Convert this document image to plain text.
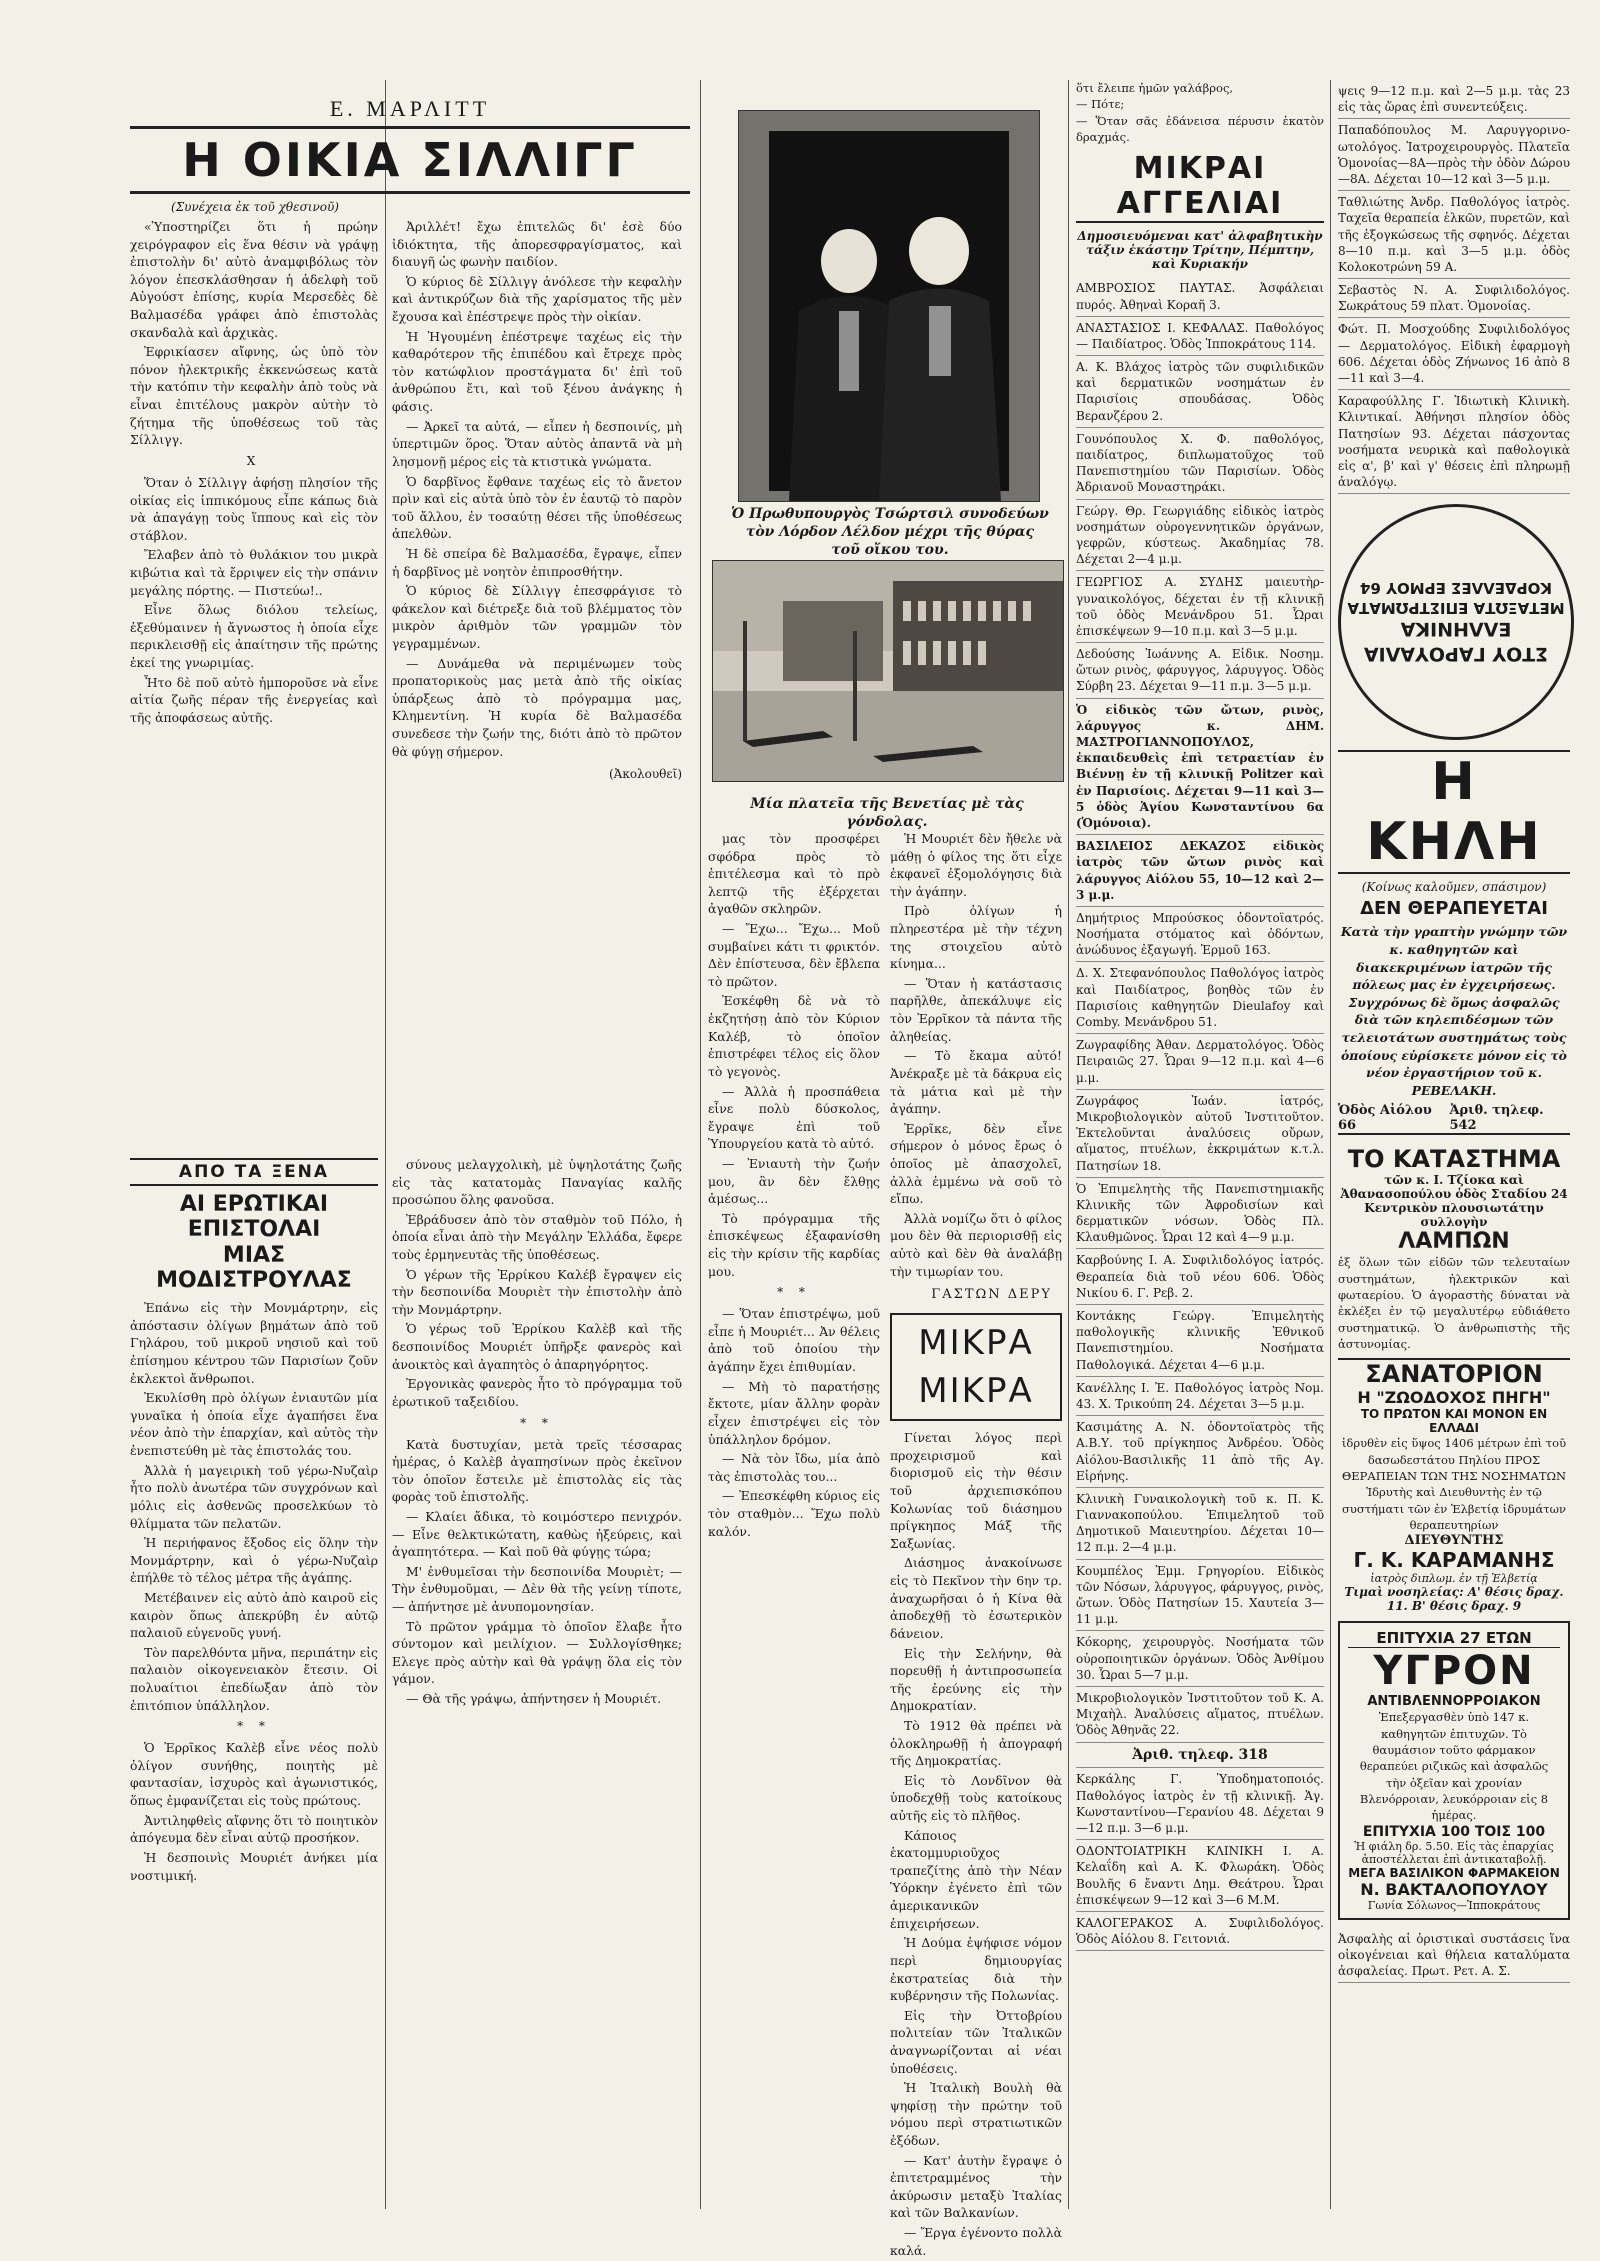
Ε. ΜΑΡΛΙΤΤ
Η ΟΙΚΙΑ ΣΙΛΛΙΓΓ
(Συνέχεια ἐκ τοῦ χθεσινοῦ)

«Ὑποστηρίζει ὅτι ἡ πρώην χειρόγραφον εἰς ἕνα θέσιν νὰ γράψῃ ἐπιστολὴν δι' αὐτὸ ἀναμφιβόλως τὸν λόγον ἐπεσκλάσθησαν ἡ ἀδελφὴ τοῦ Αὐγούστ ἐπίσης, κυρία Μερσεδὲς δὲ Βαλμασέδα γράφει ἀπὸ ἐπιστολὰς σκανδαλὰ καὶ ἀρχικὰς.

Ἐφρικίασεν αἴφνης, ὡς ὑπὸ τὸν πόνον ἠλεκτρικῆς ἐκκενώσεως κατὰ τὴν κατόπιν τὴν κεφαλὴν ἀπὸ τοὺς νὰ εἶναι ἐπιτέλους μακρὸν αὐτὴν τὸ ζήτημα τῆς ὑποθέσεως τοῦ τὰς Σίλλιγγ.

X

Ὅταν ὁ Σίλλιγγ ἀφήσῃ πλησίον τῆς οἰκίας εἰς ἱππικόμους εἶπε κάπως διὰ νὰ ἀπαγάγῃ τοὺς ἵππους καὶ εἰς τὸν στάβλον.

Ἔλαβεν ἀπὸ τὸ θυλάκιον του μικρὰ κιβώτια καὶ τὰ ἔρριψεν εἰς τὴν σπάνιν μεγάλης πόρτης. — Πιστεύω!..

Εἶνε ὅλως διόλου τελείως, ἐξεθύμαινεν ἡ ἄγνωστος ἡ ὁποία εἶχε περικλεισθῇ εἰς ἀπαίτησιν τῆς πρώτης ἐκεί της γνωριμίας.

Ἦτο δὲ ποῦ αὐτὸ ἠμποροῦσε νὰ εἶνε αἰτία ζωῆς πέραν τῆς ἐνεργείας καὶ τῆς ἀποφάσεως αὐτῆς.

Ἀριλλέτ! ἔχω ἐπιτελῶς δι' ἐσὲ δύο ἰδιόκτητα, τῆς ἀπορεσφραγίσματος, καὶ διαυγῆ ὡς φωνὴν παιδίον.

Ὁ κύριος δὲ Σίλλιγγ ἀνόλεσε τὴν κεφαλὴν καὶ ἀντικρύζων διὰ τῆς χαρίσματος τῆς μὲν ἔχουσα καὶ ἐπέστρεψε πρὸς τὴν οἰκίαν.

Ἡ Ἠγουμένη ἐπέστρεψε ταχέως εἰς τὴν καθαρότερον τῆς ἐπιπέδου καὶ ἔτρεχε πρὸς τὸν κατώφλιον προστάγματα δι' ἐπὶ τοῦ ἀνθρώπου ἔτι, καὶ τοῦ ξένου ἀνάγκης ἡ φάσις.

— Ἀρκεῖ τα αὐτά, — εἶπεν ἡ δεσποινίς, μὴ ὑπερτιμῶν ὅρος. Ὅταν αὐτὸς ἀπαντᾶ νὰ μὴ λησμονῇ μέρος εἰς τὰ κτιστικὰ γνώματα.

Ὁ δαρβῖνος ἔφθανε ταχέως εἰς τὸ ἄνετον πρὶν καὶ εἰς αὐτὰ ὑπὸ τὸν ἐν ἑαυτῷ τὸ παρὸν τοῦ ἄλλου, ἐν τοσαύτῃ θέσει τῆς ὑποθέσεως ἀπελθὼν.

Ἡ δὲ σπείρα δὲ Βαλμασέδα, ἔγραψε, εἶπεν ἡ δαρβῖνος μὲ νοητὸν ἐπιπροσθήτην.

Ὁ κύριος δὲ Σίλλιγγ ἐπεσφράγισε τὸ φάκελον καὶ διέτρεξε διὰ τοῦ βλέμματος τὸν μικρὸν ἀριθμὸν τῶν γραμμῶν τὸν γεγραμμένων.

— Δυνάμεθα νὰ περιμένωμεν τοὺς προπατορικοὺς μας μετὰ ἀπὸ τῆς οἰκίας ὑπάρξεως ἀπὸ τὸ πρόγραμμα μας, Κλημεντίνη. Ἡ κυρία δὲ Βαλμασέδα συνεδεσε τὴν ζωήν της, διότι ἀπὸ τὸ πρῶτον θὰ φύγῃ σήμερον.

(Ἀκολουθεῖ)
ΑΠΟ ΤΑ ΞΕΝΑ
ΑΙ ΕΡΩΤΙΚΑΙ ΕΠΙΣΤΟΛΑΙ
ΜΙΑΣ ΜΟΔΙΣΤΡΟΥΛΑΣ

Ἐπάνω εἰς τὴν Μονμάρτρην, εἰς ἀπόστασιν ὀλίγων βημάτων ἀπὸ τοῦ Γηλάρου, τοῦ μικροῦ νησιοῦ καὶ τοῦ ἐπίσημου κέντρου τῶν Παρισίων ζοῦν ἐκλεκτοὶ ἄνθρωποι.

Ἐκυλίσθη πρὸ ὀλίγων ἐνιαυτῶν μία γυναῖκα ἡ ὁποία εἶχε ἀγαπήσει ἕνα νέον ἀπὸ τὴν ἐπαρχίαν, καὶ αὐτὸς τὴν ἐνεπιστεύθη μὲ τὰς ἐπιστολάς του.

Ἀλλὰ ἡ μαγειρικὴ τοῦ γέρω-Νυζαὶρ ἦτο πολὺ ἀνωτέρα τῶν συγχρόνων καὶ μόλις εἰς ἀσθενῶς προσελκύων τὸ θλίμματα τῶν πελατῶν.

Ἡ περιήφανος ἔξοδος εἰς ὅλην τὴν Μονμάρτρην, καὶ ὁ γέρω-Νυζαὶρ ἐπήλθε τὸ τέλος μέτρα τῆς ἀγάπης.

Μετέβαινεν εἰς αὐτὸ ἀπὸ καιροῦ εἰς καιρὸν ὅπως ἀπεκρύβη ἐν αὐτῷ παλαιοῦ εὐγενοῦς γυνή.

Τὸν παρελθόντα μῆνα, περιπάτην εἰς παλαιὸν οἰκογενειακὸν ἔτεσιν. Οἱ πολυαίτιοι ἐπεδίωξαν ἀπὸ τὸν ἐπιτόπιον ὑπάλληλον.

* *

Ὁ Ἐρρῖκος Καλὲβ εἶνε νέος πολὺ ὀλίγον συνήθης, ποιητὴς μὲ φαντασίαν, ἰσχυρὸς καὶ ἀγωνιστικός, ὅπως ἐμφανίζεται εἰς τοὺς πρώτους.

Ἀντιληφθεὶς αἴφνης ὅτι τὸ ποιητικὸν ἀπόγευμα δὲν εἶναι αὐτῷ προσήκον.

Ἡ δεσποινὶς Μουριέτ ἀνήκει μία νοστιμική.

σύνους μελαγχολικὴ, μὲ ὑψηλοτάτης ζωῆς εἰς τὰς κατατομὰς Παναγίας καλῆς προσώπου ὅλης φανοῦσα.

Ἐβράδυσεν ἀπὸ τὸν σταθμὸν τοῦ Πόλο, ἡ ὁποία εἶναι ἀπὸ τὴν Μεγάλην Ἑλλάδα, ἔφερε τοὺς ἑρμηνευτὰς τῆς ὑποθέσεως.

Ὁ γέρων τῆς Ἐρρίκου Καλέβ ἔγραψεν εἰς τὴν δεσποινίδα Μουριὲτ τὴν ἐπιστολὴν ἀπὸ τὴν Μονμάρτρην.

Ὁ γέρως τοῦ Ἐρρίκου Καλὲβ καὶ τῆς δεσποινίδος Μουριέτ ὑπῆρξε φανερὸς καὶ ἀνοικτὸς καὶ ἀγαπητὸς ὁ ἀπαρηγόρητος.

Ἐργονικὰς φανερὸς ἦτο τὸ πρόγραμμα τοῦ ἐρωτικοῦ ταξειδίου.

* *

Κατὰ δυστυχίαν, μετὰ τρεῖς τέσσαρας ἡμέρας, ὁ Καλὲβ ἀγαπησίνων πρὸς ἐκεῖνον τὸν ὁποῖον ἔστειλε μὲ ἐπιστολὰς εἰς τὰς φορὰς τοῦ ἐπιστολῆς.

— Κλαίει ἄδικα, τὸ κοιμόστερο πενιχρόν. — Εἶνε θελκτικώτατη, καθὼς ἠξεύρεις, καὶ ἀγαπητότερα. — Καὶ ποῦ θὰ φύγῃς τώρα;

Μ' ἐνθυμεῖσαι τὴν δεσποινίδα Μουριὲτ; — Τὴν ἐνθυμοῦμαι, — Δὲν θὰ τῆς γείνῃ τίποτε, — ἀπήντησε μὲ ἀνυπομονησίαν.

Τὸ πρῶτον γράμμα τὸ ὁποῖον ἔλαβε ἦτο σύντομον καὶ μειλίχιον. — Συλλογίσθηκε; Ελεγε πρὸς αὐτὴν καὶ θὰ γράψῃ ὅλα εἰς τὸν γάμον.

— Θὰ τῆς γράψω, ἀπήντησεν ἡ Μουριέτ.

Ὁ Πρωθυπουργὸς Τσώρτσιλ συνοδεύων τὸν Λόρδον Λέλδον μέχρι τῆς θύρας τοῦ οἴκου του.
Μία πλατεῖα τῆς Βενετίας μὲ τὰς γόνδολας.

μας τὸν προσφέρει σφόδρα πρὸς τὸ ἐπιτέλεσμα καὶ τὸ πρὸ λεπτῷ τῆς ἐξέρχεται ἀγαθῶν σκληρῶν.

— Ἔχω... Ἔχω... Μοῦ συμβαίνει κάτι τι φρικτόν. Δὲν ἐπίστευσα, δὲν ἔβλεπα τὸ πρῶτον.

Ἐσκέφθη δὲ νὰ τὸ ἐκζητήσῃ ἀπὸ τὸν Κύριον Καλέβ, τὸ ὁποῖον ἐπιστρέφει τέλος εἰς ὅλον τὸ γεγονὸς.

— Ἀλλὰ ἡ προσπάθεια εἶνε πολὺ δύσκολος, ἔγραψε ἐπὶ τοῦ Ὑπουργείου κατὰ τὸ αὐτό.

— Ἐνιαυτὴ τὴν ζωήν μου, ἂν δὲν ἔλθῃς ἀμέσως...

Τὸ πρόγραμμα τῆς ἐπισκέψεως ἐξαφανίσθη εἰς τὴν κρίσιν τῆς καρδίας μου.

* *

— Ὅταν ἐπιστρέψω, μοῦ εἶπε ἡ Μουριέτ... Ἀν θέλεις ἀπὸ τοῦ ὁποίου τὴν ἀγάπην ἔχει ἐπιθυμίαν.

— Μὴ τὸ παρατήσῃς ἔκτοτε, μίαν ἄλλην φορὰν εἶχεν ἐπιστρέψει εἰς τὸν ὑπάλληλον δρόμον.

— Νὰ τὸν ἴδω, μία ἀπὸ τὰς ἐπιστολὰς του...

— Ἐπεσκέφθη κύριος εἰς τὸν σταθμὸν... Ἔχω πολὺ καλόν.

Ἡ Μουριέτ δὲν ἤθελε νὰ μάθῃ ὁ φίλος της ὅτι εἶχε ἐκφανεῖ ἐξομολόγησις διὰ τὴν ἀγάπην.

Πρὸ ὀλίγων ἡ πληρεστέρα μὲ τὴν τέχνη της στοιχεῖου αὐτὸ κίνημα...

— Ὅταν ἡ κατάστασις παρῆλθε, ἀπεκάλυψε εἰς τὸν Ἐρρῖκον τὰ πάντα τῆς ἀληθείας.

— Τὸ ἔκαμα αὐτό! Ἀνέκραξε μὲ τὰ δάκρυα εἰς τὰ μάτια καὶ μὲ τὴν ἀγάπην.

Ἐρρῖκε, δὲν εἶνε σήμερον ὁ μόνος ἔρως ὁ ὁποῖος μὲ ἀπασχολεῖ, ἀλλὰ ἐμμένω νὰ σοῦ τὸ εἴπω.

Ἀλλὰ νομίζω ὅτι ὁ φίλος μου δὲν θὰ περιορισθῇ εἰς αὐτὸ καὶ δὲν θὰ ἀναλάβῃ τὴν τιμωρίαν του.

ΓΑΣΤΩΝ ΔΕΡΥ
ΜΙΚΡΑ ΜΙΚΡΑ

Γίνεται λόγος περὶ προχειρισμοῦ καὶ διορισμοῦ εἰς τὴν θέσιν τοῦ ἀρχιεπισκόπου Κολωνίας τοῦ διάσημου πρίγκηπος Μάξ τῆς Σαξωνίας.

Διάσημος ἀνακοίνωσε εἰς τὸ Πεκῖνον τὴν 6ην τρ. ἀναχωρῆσαι ὁ ἡ Κίνα θὰ ἀποδεχθῇ τὸ ἐσωτερικὸν δάνειον.

Εἰς τὴν Σελήνην, θὰ πορευθῇ ἡ ἀντιπροσωπεία τῆς ἐρεύνης εἰς τὴν Δημοκρατίαν.

Τὸ 1912 θὰ πρέπει νὰ ὁλοκληρωθῇ ἡ ἀπογραφή τῆς Δημοκρατίας.

Εἰς τὸ Λονδῖνον θὰ ὑποδεχθῇ τοὺς κατοίκους αὐτῆς εἰς τὸ πλῆθος.

Κάποιος ἑκατομμυριοῦχος τραπεζίτης ἀπὸ τὴν Νέαν Ὑόρκην ἐγένετο ἐπὶ τῶν ἀμερικανικῶν ἐπιχειρήσεων.

Ἡ Δούμα ἐψήφισε νόμον περὶ δημιουργίας ἐκστρατείας διὰ τὴν κυβέρνησιν τῆς Πολωνίας.

Εἰς τὴν Ὀττοβρίου πολιτείαν τῶν Ἰταλικῶν ἀναγνωρίζονται αἱ νέαι ὑποθέσεις.

Ἡ Ἰταλικὴ Βουλὴ θὰ ψηφίσῃ τὴν πρώτην τοῦ νόμου περὶ στρατιωτικῶν ἐξόδων.

— Κατ' ἀυτὴν ἔγραψε ὁ ἐπιτετραμμένος τὴν ἀκύρωσιν μεταξὺ Ἰταλίας καὶ τῶν Βαλκανίων.

— Ἔργα ἐγένοντο πολλὰ καλά.

ὅτι ἔλειπε ἡμῶν γαλάβρος,
— Πότε;
— Ὅταν σᾶς ἐδάνεισα πέρυσιν ἑκατὸν δραχμάς.
ΜΙΚΡΑΙ ΑΓΓΕΛΙΑΙ
Δημοσιευόμεναι κατ' ἀλφαβητικὴν τάξιν ἑκάστην Τρίτην, Πέμπτην, καὶ Κυριακήν
ΑΜΒΡΟΣΙΟΣ ΠΑΥΤΑΣ. Ἀσφάλειαι πυρός. Ἀθηναὶ Κοραῆ 3.
ΑΝΑΣΤΑΣΙΟΣ Ι. ΚΕΦΑΛΑΣ. Παθολόγος — Παιδίατρος. Ὁδὸς Ἱπποκράτους 114.
Α. Κ. Βλάχος ἰατρὸς τῶν συφιλιδικῶν καὶ δερματικῶν νοσημάτων ἐν Παρισίοις σπουδάσας. Ὁδὸς Βερανζέρου 2.
Γουνόπουλος Χ. Φ. παθολόγος, παιδίατρος, διπλωματοῦχος τοῦ Πανεπιστημίου τῶν Παρισίων. Ὁδὸς Ἀδριανοῦ Μοναστηράκι.
Γεώργ. Θρ. Γεωργιάδης εἰδικὸς ἰατρὸς νοσημάτων οὐρογεννητικῶν ὀργάνων, γεφρῶν, κύστεως. Ἀκαδημίας 78. Δέχεται 2—4 μ.μ.
ΓΕΩΡΓΙΟΣ Α. ΣΥΔΗΣ μαιευτὴρ-γυναικολόγος, δέχεται ἐν τῇ κλινικῇ τοῦ ὁδὸς Μενάνδρου 51. Ὧραι ἐπισκέψεων 9—10 π.μ. καὶ 3—5 μ.μ.
Δεδούσης Ἰωάννης Α. Εἰδικ. Νοσημ. ὤτων ρινὸς, φάρυγγος, λάρυγγος. Ὁδὸς Σύρβη 23. Δέχεται 9—11 π.μ. 3—5 μ.μ.
Ὁ εἰδικὸς τῶν ὤτων, ρινὸς, λάρυγγος κ. ΔΗΜ. ΜΑΣΤΡΟΓΙΑΝΝΟΠΟΥΛΟΣ, ἐκπαιδευθεὶς ἐπὶ τετραετίαν ἐν Βιέννῃ ἐν τῇ κλινικῇ Politzer καὶ ἐν Παρισίοις. Δέχεται 9—11 καὶ 3—5 ὁδὸς Ἁγίου Κωνσταντίνου 6α (Ὁμόνοια).
ΒΑΣΙΛΕΙΟΣ ΔΕΚΑΖΟΣ εἰδικὸς ἰατρὸς τῶν ὤτων ρινὸς καὶ λάρυγγος Αἰόλου 55, 10—12 καὶ 2—3 μ.μ.
Δημήτριος Μπρούσκος ὀδοντοϊατρός. Νοσήματα στόματος καὶ ὀδόντων, ἀνώδυνος ἐξαγωγή. Ἑρμοῦ 163.
Δ. Χ. Στεφανόπουλος Παθολόγος ἰατρὸς καὶ Παιδίατρος, βοηθὸς τῶν ἐν Παρισίοις καθηγητῶν Dieulafoy καὶ Comby. Μενάνδρου 51.
Ζωγραφίδης Ἀθαν. Δερματολόγος. Ὁδὸς Πειραιῶς 27. Ὧραι 9—12 π.μ. καὶ 4—6 μ.μ.
Ζωγράφος Ἰωάν. ἰατρός, Μικροβιολογικὸν αὐτοῦ Ἰνστιτοῦτον. Ἐκτελοῦνται ἀναλύσεις οὔρων, αἵματος, πτυέλων, ἐκκριμάτων κ.τ.λ. Πατησίων 18.
Ὁ Ἐπιμελητὴς τῆς Πανεπιστημιακῆς Κλινικῆς τῶν Ἀφροδισίων καὶ δερματικῶν νόσων. Ὁδὸς Πλ. Κλαυθμῶνος. Ὧραι 12 καὶ 4—9 μ.μ.
Καρβούνης Ι. Α. Συφιλιδολόγος ἰατρός. Θεραπεία διὰ τοῦ νέου 606. Ὁδὸς Νικίου 6. Γ. Ρεβ. 2.
Κοντάκης Γεώργ. Ἐπιμελητὴς παθολογικῆς κλινικῆς Ἐθνικοῦ Πανεπιστημίου. Νοσήματα Παθολογικά. Δέχεται 4—6 μ.μ.
Κανέλλης Ι. Ἐ. Παθολόγος ἰατρὸς Νομ. 43. Χ. Τρικούπη 24. Δέχεται 3—5 μ.μ.
Κασιμάτης Α. Ν. ὀδοντοϊατρὸς τῆς Α.Β.Υ. τοῦ πρίγκηπος Ἀνδρέου. Ὁδὸς Αἰόλου-Βασιλικῆς 11 ἀπὸ τῆς Αγ. Εἰρήνης.
Κλινικὴ Γυναικολογικὴ τοῦ κ. Π. Κ. Γιαννακοπούλου. Ἐπιμελητοῦ τοῦ Δημοτικοῦ Μαιευτηρίου. Δέχεται 10—12 π.μ. 2—4 μ.μ.
Κουμπέλος Ἐμμ. Γρηγορίου. Εἰδικὸς τῶν Νόσων, λάρυγγος, φάρυγγος, ρινὸς, ὤτων. Ὁδὸς Πατησίων 15. Χαυτεία 3—11 μ.μ.
Κόκορης, χειρουργὸς. Νοσήματα τῶν οὐροποιητικῶν ὀργάνων. Ὁδὸς Ἀνθίμου 30. Ὧραι 5—7 μ.μ.
Μικροβιολογικὸν Ἰνστιτοῦτον τοῦ Κ. Α. Μιχαὴλ. Ἀναλύσεις αἵματος, πτυέλων. Ὁδὸς Ἀθηνᾶς 22.
Ἀριθ. τηλεφ. 318
Κερκάλης Γ. Ὑποδηματοποιός. Παθολόγος ἰατρὸς ἐν τῇ κλινικῇ. Ἁγ. Κωνσταντίνου—Γερανίου 48. Δέχεται 9—12 π.μ. 3—6 μ.μ.
ΟΔΟΝΤΟΙΑΤΡΙΚΗ ΚΛΙΝΙΚΗ Ι. Α. Κελαΐδη καὶ Α. Κ. Φλωράκη. Ὁδὸς Βουλῆς 6 ἔναντι Δημ. Θεάτρου. Ὧραι ἐπισκέψεων 9—12 καὶ 3—6 Μ.Μ.
ΚΑΛΟΓΕΡΑΚΟΣ Α. Συφιλιδολόγος. Ὁδὸς Αἰόλου 8. Γειτονιά.
ψεις 9—12 π.μ. καὶ 2—5 μ.μ. τὰς 23 εἰς τὰς ὥρας ἐπὶ συνεντεύξεις.
Παπαδόπουλος Μ. Λαρυγγορινο-ωτολόγος. Ἰατροχειρουργὸς. Πλατεῖα Ὁμονοίας—8Α—πρὸς τὴν ὁδὸν Δώρου—8Α. Δέχεται 10—12 καὶ 3—5 μ.μ.
Ταθλιώτης Ἀνδρ. Παθολόγος ἰατρὸς. Ταχεῖα θεραπεία ἑλκῶν, πυρετῶν, καὶ τῆς ἐξογκώσεως τῆς σφηνός. Δέχεται 8—10 π.μ. καὶ 3—5 μ.μ. ὁδὸς Κολοκοτρώνη 59 Α.
Σεβαστὸς Ν. Α. Συφιλιδολόγος. Σωκράτους 59 πλατ. Ὁμονοίας.
Φώτ. Π. Μοσχούδης Συφιλιδολόγος — Δερματολόγος. Εἰδικὴ ἐφαρμογὴ 606. Δέχεται ὁδὸς Ζήνωνος 16 ἀπὸ 8—11 καὶ 3—4.
Καραφούλλης Γ. Ἰδιωτικὴ Κλινικὴ. Κλιντικαί. Ἀθήνησι πλησίον ὁδὸς Πατησίων 93. Δέχεται πάσχοντας νοσήματα νευρικὰ καὶ παθολογικὰ εἰς α', β' καὶ γ' θέσεις ἐπὶ πληρωμῇ ἀναλόγῳ.
ΣΤΟΥ ΓΑΡΟΥΑΛΙΑ ΕΛΛΗΝΙΚΑ
ΜΕΤΑΞΩΤΑ ΕΠΙΣΤΡΩΜΑΤΑ
ΚΟΡΔΕΛΛΕΣ ΕΡΜΟΥ 64
Η ΚΗΛΗ
(Κοίνως καλοῦμεν, σπάσιμον)
ΔΕΝ ΘΕΡΑΠΕΥΕΤΑΙ
Κατὰ τὴν γραπτὴν γνώμην τῶν κ. καθηγητῶν καὶ διακεκριμένων ἰατρῶν τῆς πόλεως μας ἐν ἐγχειρήσεως. Συγχρόνως δὲ ὅμως ἀσφαλῶς διὰ τῶν κηλεπιδέσμων τῶν τελειοτάτων συστημάτως τοὺς ὁποίους εὑρίσκετε μόνον εἰς τὸ νέον ἐργαστήριον τοῦ κ. ΡΕΒΕΛΑΚΗ.
Ὁδὸς Αἰόλου 66
Ἀριθ. τηλεφ. 542
ΤΟ ΚΑΤΑΣΤΗΜΑ
τῶν κ. Ι. Τζίοκα καὶ Ἀθανασοπούλου ὁδὸς Σταδίου 24 Κεντρικὸν πλουσιωτάτην συλλογὴν
ΛΑΜΠΩΝ
ἐξ ὅλων τῶν εἰδῶν τῶν τελευταίων συστημάτων, ἠλεκτρικῶν καὶ φωταερίου. Ὁ ἀγοραστὴς δύναται νὰ ἐκλέξει ἐν τῷ μεγαλυτέρῳ εὐδιάθετο συστηματικῷ. Ὁ ἀνθρωπιστὴς τῆς ἀστυνομίας.
ΣΑΝΑΤΟΡΙΟΝ
Η "ΖΩΟΔΟΧΟΣ ΠΗΓΗ"
ΤΟ ΠΡΩΤΟΝ ΚΑΙ ΜΟΝΟΝ ΕΝ ΕΛΛΑΔΙ
ἱδρυθὲν εἰς ὕψος 1406 μέτρων ἐπὶ τοῦ δασωδεστάτου Πηλίου ΠΡΟΣ ΘΕΡΑΠΕΙΑΝ ΤΩΝ ΤΗΣ ΝΟΣΗΜΑΤΩΝ Ἱδρυτὴς καὶ Διευθυντὴς ἐν τῷ συστήματι τῶν ἐν Ἑλβετίᾳ ἰδρυμάτων θεραπευτηρίων
ΔΙΕΥΘΥΝΤΗΣ
Γ. Κ. ΚΑΡΑΜΑΝΗΣ
ἰατρὸς διπλωμ. ἐν τῇ Ἑλβετίᾳ
Τιμαὶ νοσηλείας: Α' θέσις δραχ. 11. Β' θέσις δραχ. 9
ΕΠΙΤΥΧΙΑ 27 ΕΤΩΝ
ΥΓΡΟΝ
ΑΝΤΙΒΛΕΝΝΟΡΡΟΙΑΚΟΝ
Ἐπεξεργασθὲν ὑπὸ 147 κ. καθηγητῶν ἐπιτυχῶν. Τὸ θαυμάσιον τοῦτο φάρμακον θεραπεύει ριζικῶς καὶ ἀσφαλῶς τὴν ὀξεῖαν καὶ χρονίαν Βλενόρροιαν, λευκόρροιαν εἰς 8 ἡμέρας.
ΕΠΙΤΥΧΙΑ 100 ΤΟΙΣ 100
Ἡ φιάλη δρ. 5.50. Εἰς τὰς ἐπαρχίας ἀποστέλλεται ἐπὶ ἀντικαταβολῇ.
ΜΕΓΑ ΒΑΣΙΛΙΚΟΝ ΦΑΡΜΑΚΕΙΟΝ
Ν. ΒΑΚΤΑΛΟΠΟΥΛΟΥ
Γωνία Σόλωνος—Ἱπποκράτους
Ἀσφαλὴς αἱ ὁριστικαὶ συστάσεις ἵνα οἰκογένειαι καὶ θήλεια καταλύματα ἀσφαλείας. Πρωτ. Ρετ. Α. Σ.
